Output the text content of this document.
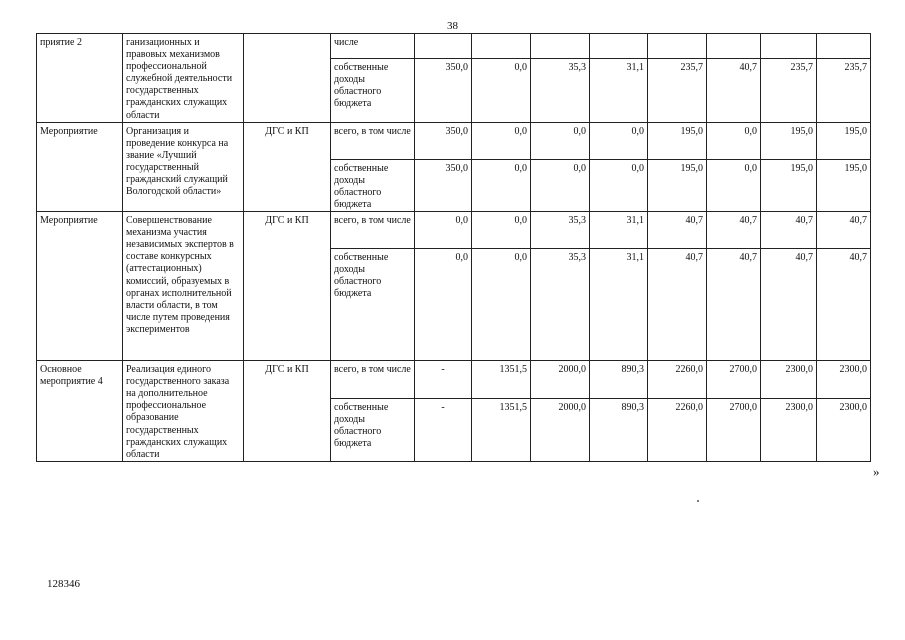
38
приятие 2	ганизационных и правовых механизмов профессиональной служебной деятельности государственных гражданских служащих области		числе								
			собственные доходы областного бюджета	350,0	0,0	35,3	31,1	235,7	40,7	235,7	235,7
Мероприятие	Организация и проведение конкурса на звание «Лучший государственный гражданский служащий Вологодской области»	ДГС и КП	всего, в том числе	350,0	0,0	0,0	0,0	195,0	0,0	195,0	195,0
			собственные доходы областного бюджета	350,0	0,0	0,0	0,0	195,0	0,0	195,0	195,0
Мероприятие	Совершенствование механизма участия независимых экспертов в составе конкурсных (аттестационных) комиссий, образуемых в органах исполнительной власти области, в том числе путем проведения экспериментов	ДГС и КП	всего, в том числе	0,0	0,0	35,3	31,1	40,7	40,7	40,7	40,7
			собственные доходы областного бюджета	0,0	0,0	35,3	31,1	40,7	40,7	40,7	40,7
Основное мероприятие 4	Реализация единого государственного заказа на дополнительное профессиональное образование государственных гражданских служащих области	ДГС и КП	всего, в том числе	-	1351,5	2000,0	890,3	2260,0	2700,0	2300,0	2300,0
			собственные доходы областного бюджета	-	1351,5	2000,0	890,3	2260,0	2700,0	2300,0	2300,0
»
128346
